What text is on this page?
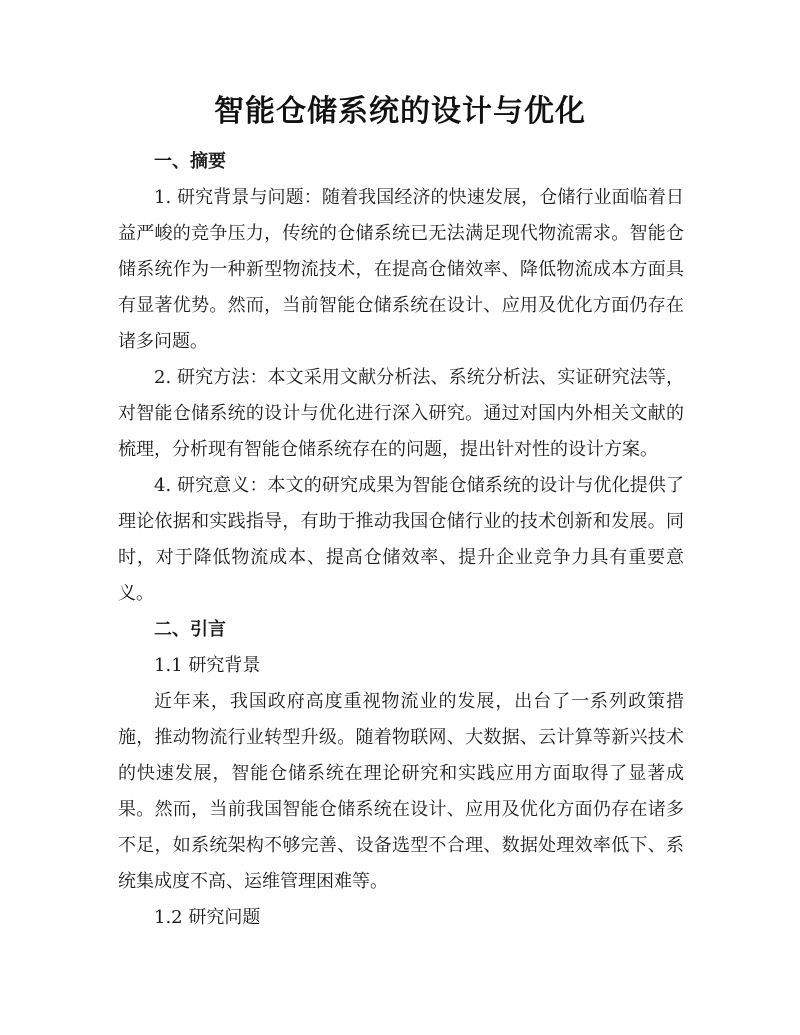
智能仓储系统的设计与优化

一、摘要

1. 研究背景与问题：随着我国经济的快速发展，仓储行业面临着日益严峻的竞争压力，传统的仓储系统已无法满足现代物流需求。智能仓储系统作为一种新型物流技术，在提高仓储效率、降低物流成本方面具有显著优势。然而，当前智能仓储系统在设计、应用及优化方面仍存在诸多问题。

2. 研究方法：本文采用文献分析法、系统分析法、实证研究法等，对智能仓储系统的设计与优化进行深入研究。通过对国内外相关文献的梳理，分析现有智能仓储系统存在的问题，提出针对性的设计方案。

4. 研究意义：本文的研究成果为智能仓储系统的设计与优化提供了理论依据和实践指导，有助于推动我国仓储行业的技术创新和发展。同时，对于降低物流成本、提高仓储效率、提升企业竞争力具有重要意义。

二、引言

1.1 研究背景

近年来，我国政府高度重视物流业的发展，出台了一系列政策措施，推动物流行业转型升级。随着物联网、大数据、云计算等新兴技术的快速发展，智能仓储系统在理论研究和实践应用方面取得了显著成果。然而，当前我国智能仓储系统在设计、应用及优化方面仍存在诸多不足，如系统架构不够完善、设备选型不合理、数据处理效率低下、系统集成度不高、运维管理困难等。

1.2 研究问题
